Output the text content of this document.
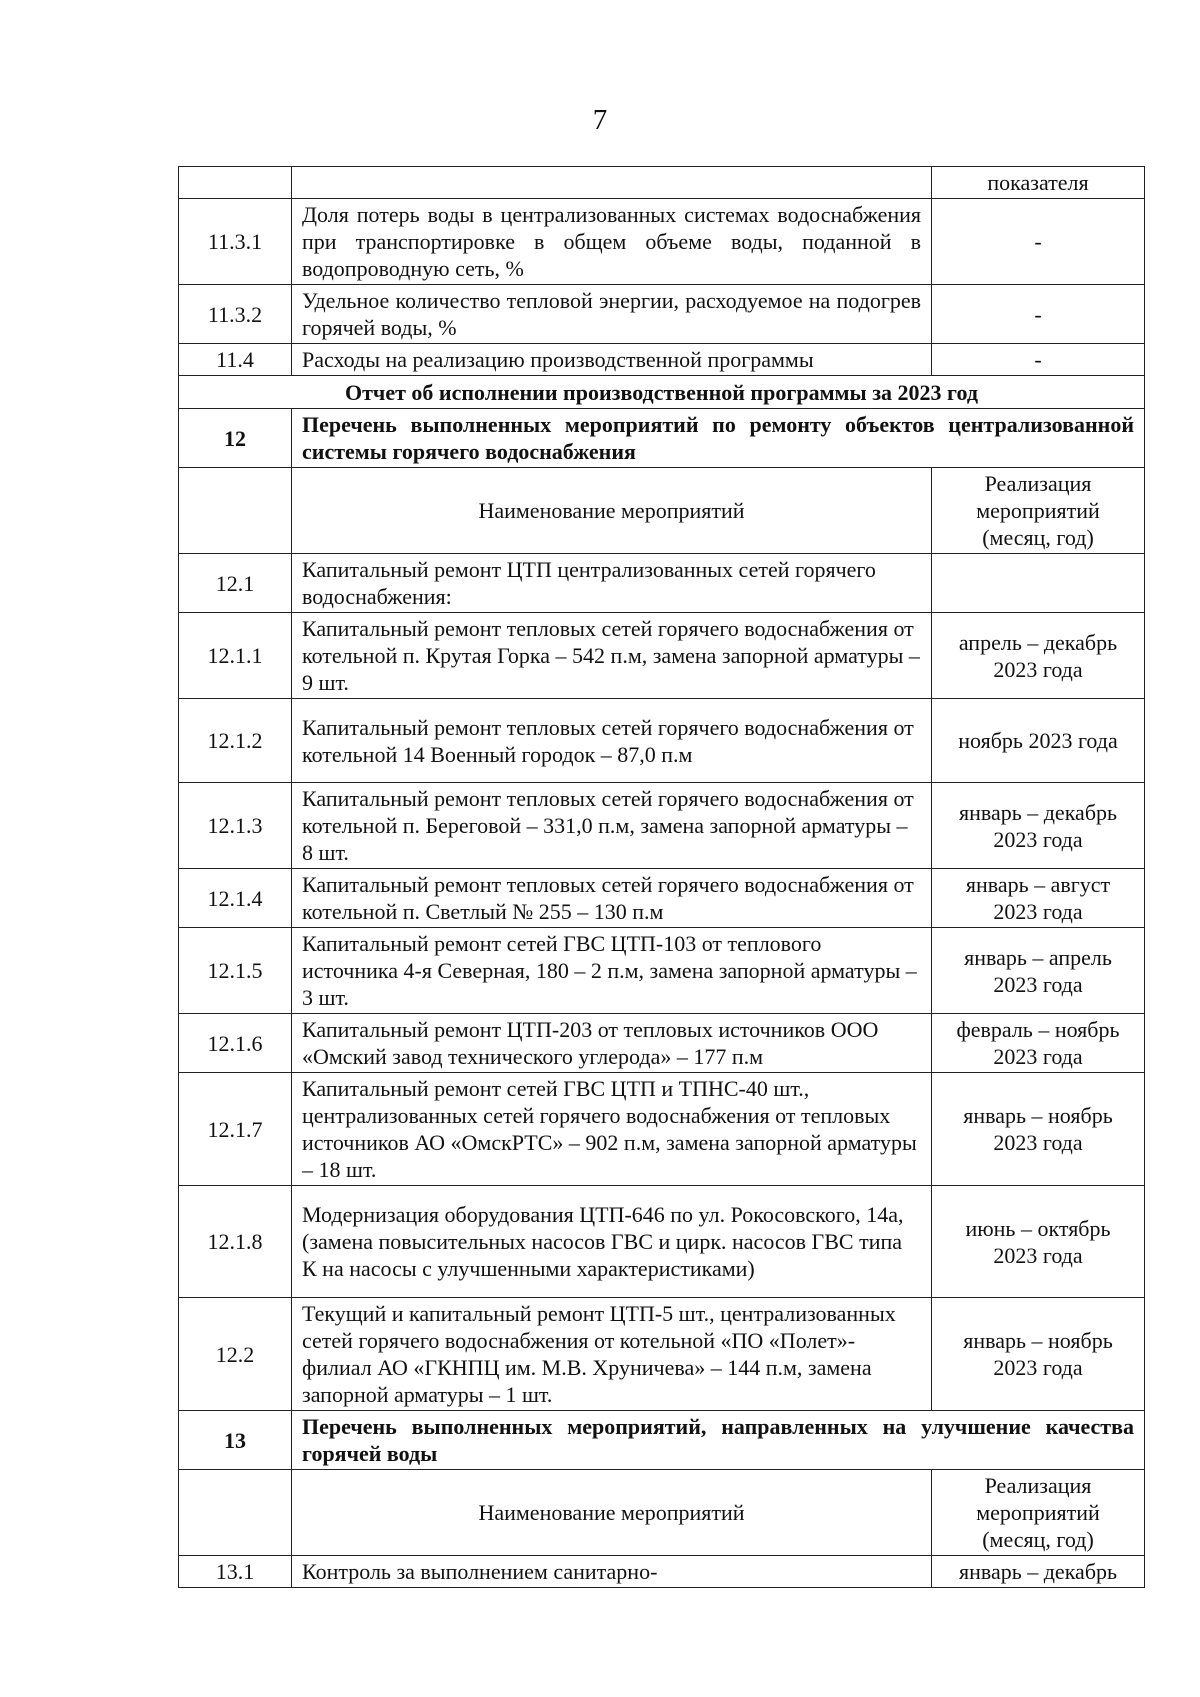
7
		показателя
11.3.1	Доля потерь воды в централизованных системах водоснабжения при транспортировке в общем объеме воды, поданной в водопроводную сеть, %	-
11.3.2	Удельное количество тепловой энергии, расходуемое на подогрев горячей воды, %	-
11.4	Расходы на реализацию производственной программы	-
Отчет об исполнении производственной программы за 2023 год		
12	Перечень выполненных мероприятий по ремонту объектов централизованной системы горячего водоснабжения	
	Наименование мероприятий	Реализация мероприятий (месяц, год)
12.1	Капитальный ремонт ЦТП централизованных сетей горячего водоснабжения:	
12.1.1	Капитальный ремонт тепловых сетей горячего водоснабжения от котельной п. Крутая Горка – 542 п.м, замена запорной арматуры – 9 шт.	апрель – декабрь 2023 года
12.1.2	Капитальный ремонт тепловых сетей горячего водоснабжения от котельной 14 Военный городок – 87,0 п.м	ноябрь 2023 года
12.1.3	Капитальный ремонт тепловых сетей горячего водоснабжения от котельной п. Береговой – 331,0 п.м, замена запорной арматуры – 8 шт.	январь – декабрь 2023 года
12.1.4	Капитальный ремонт тепловых сетей горячего водоснабжения от котельной п. Светлый № 255 – 130 п.м	январь – август 2023 года
12.1.5	Капитальный ремонт сетей ГВС ЦТП-103 от теплового источника 4-я Северная, 180 – 2 п.м, замена запорной арматуры – 3 шт.	январь – апрель 2023 года
12.1.6	Капитальный ремонт ЦТП-203 от тепловых источников ООО «Омский завод технического углерода» – 177 п.м	февраль – ноябрь 2023 года
12.1.7	Капитальный ремонт сетей ГВС ЦТП и ТПНС-40 шт., централизованных сетей горячего водоснабжения от тепловых источников АО «ОмскРТС» – 902 п.м, замена запорной арматуры – 18 шт.	январь – ноябрь 2023 года
12.1.8	Модернизация оборудования ЦТП-646 по ул. Рокосовского, 14а, (замена повысительных насосов ГВС и цирк. насосов ГВС типа К на насосы с улучшенными характеристиками)	июнь – октябрь 2023 года
12.2	Текущий и капитальный ремонт ЦТП-5 шт., централизованных сетей горячего водоснабжения от котельной «ПО «Полет»-филиал АО «ГКНПЦ им. М.В. Хруничева» – 144 п.м, замена запорной арматуры – 1 шт.	январь – ноябрь 2023 года
13	Перечень выполненных мероприятий, направленных на улучшение качества горячей воды	
	Наименование мероприятий	Реализация мероприятий (месяц, год)
13.1	Контроль за выполнением санитарно-	январь – декабрь
